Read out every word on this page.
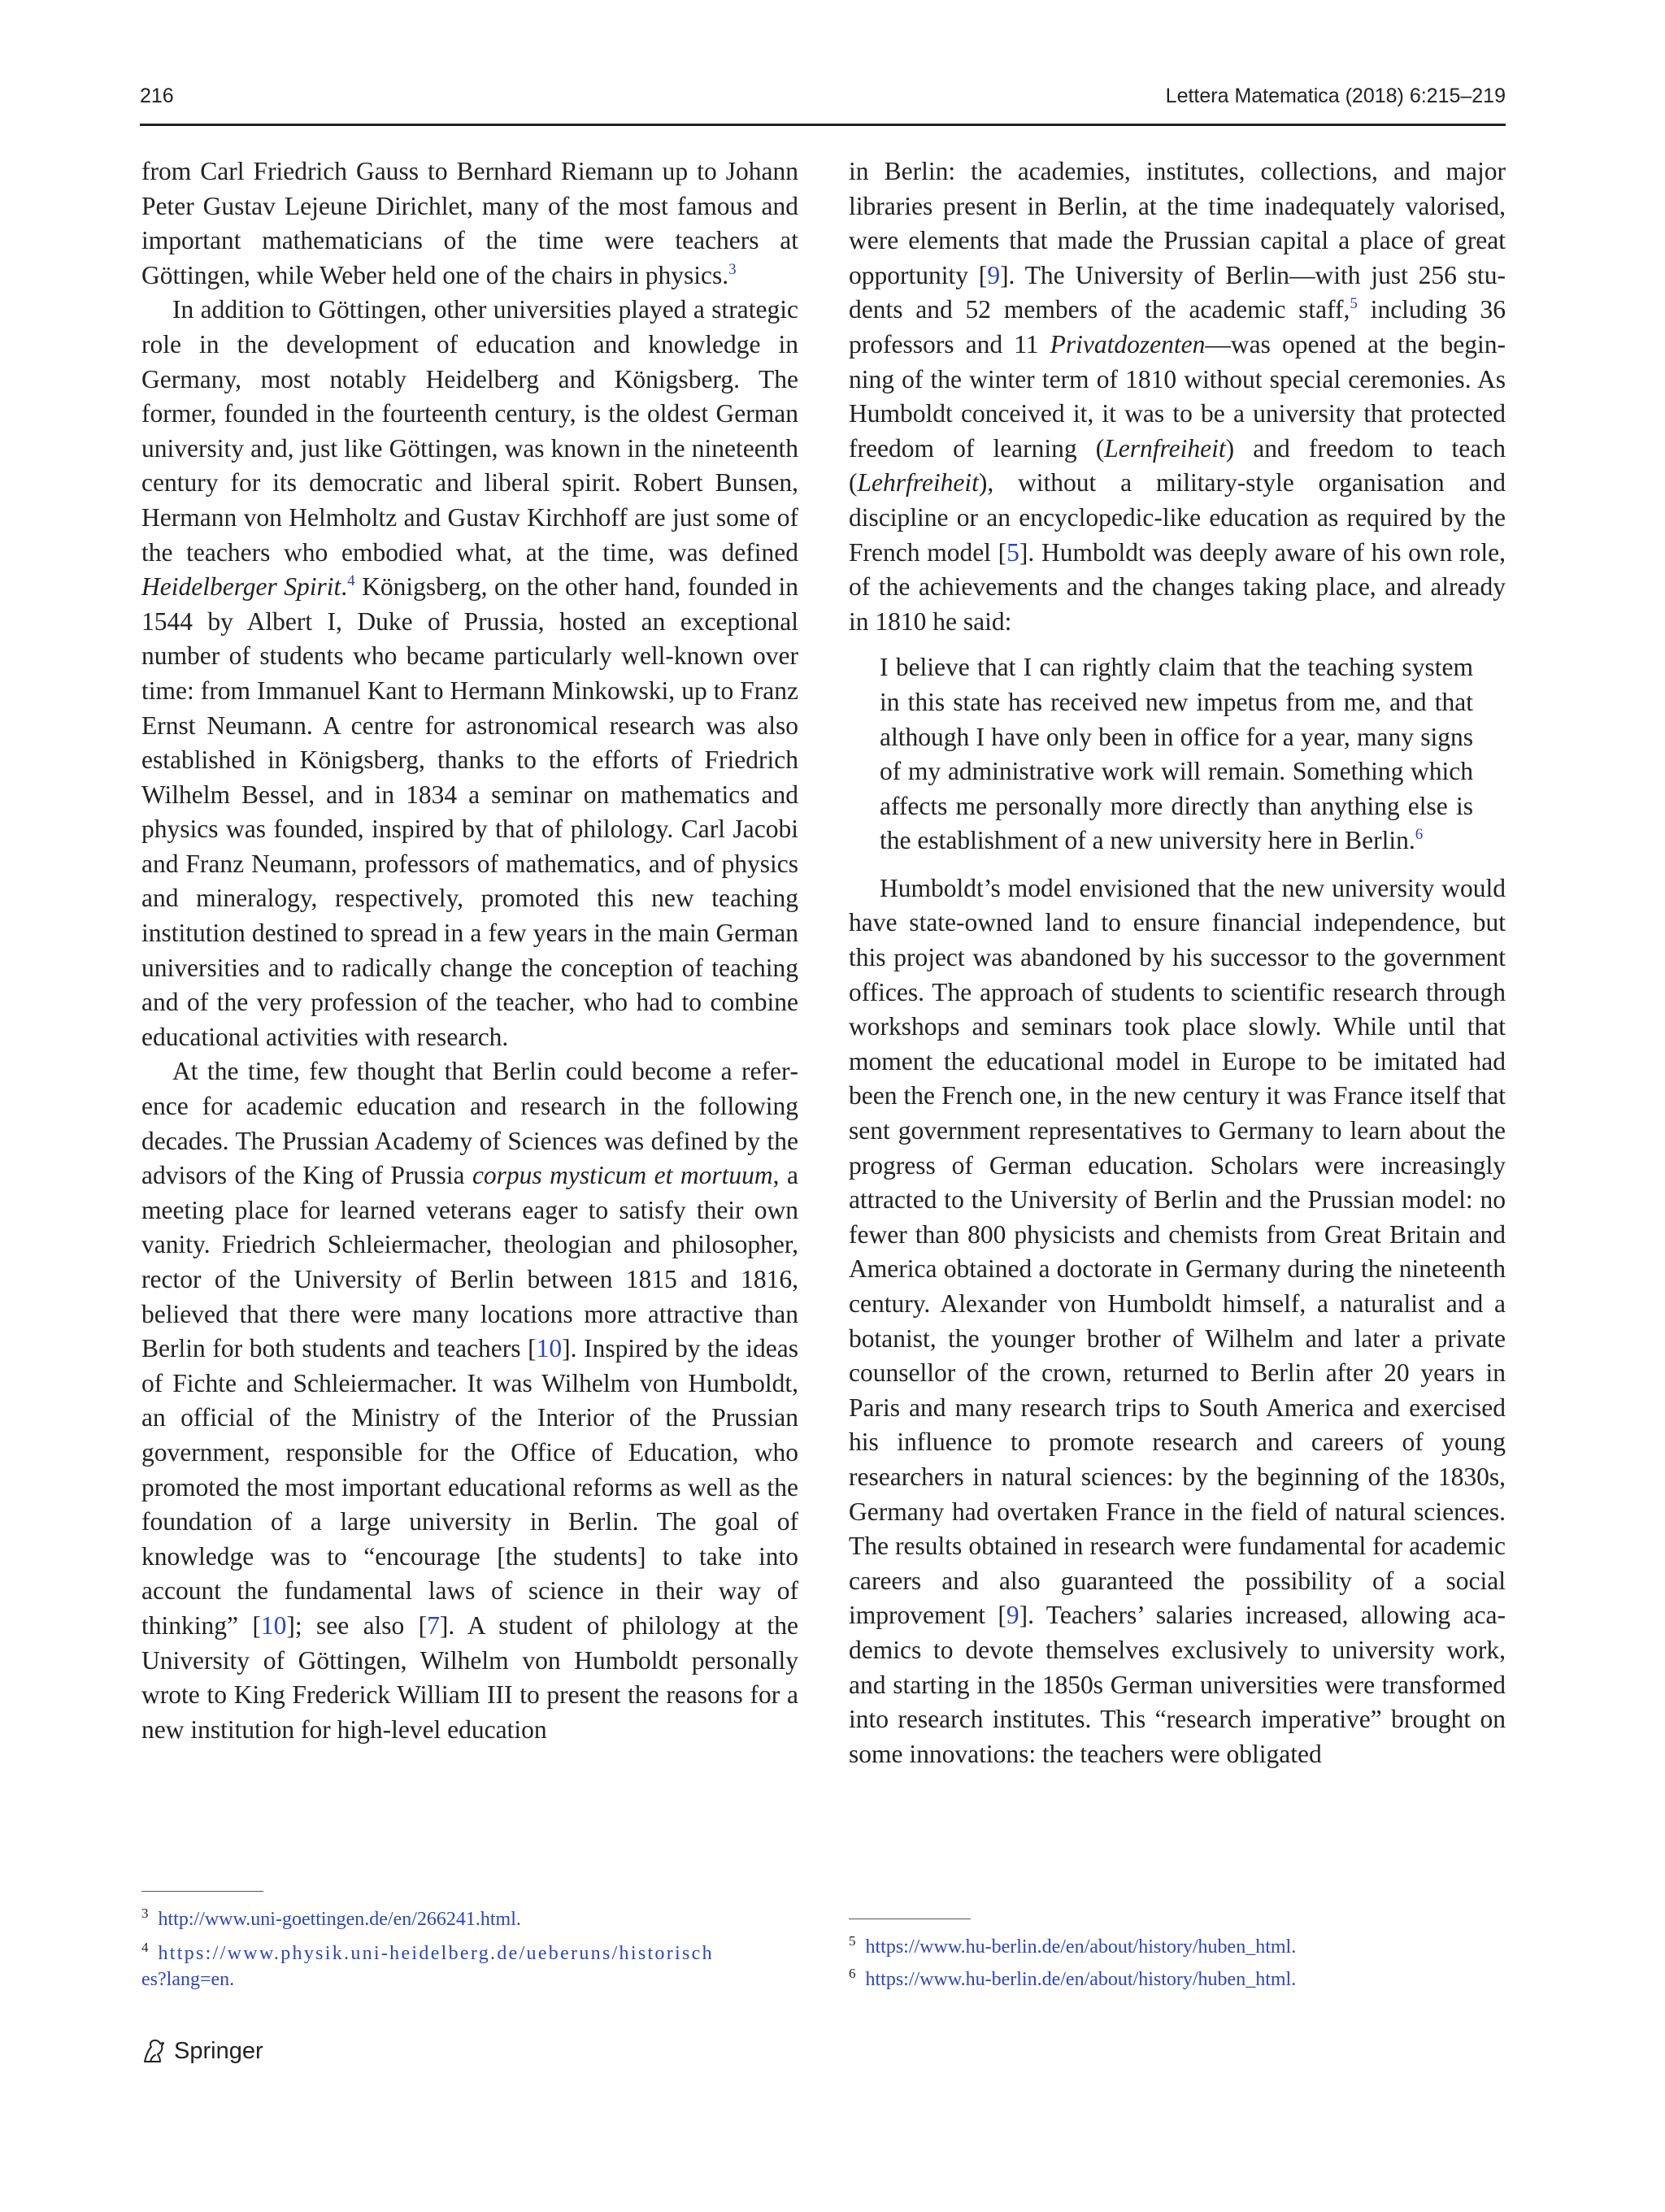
216	Lettera Matematica (2018) 6:215–219

from Carl Friedrich Gauss to Bernhard Riemann up to Johann Peter Gustav Lejeune Dirichlet, many of the most famous and important mathematicians of the time were teachers at Göttingen, while Weber held one of the chairs in physics.$^3$

In addition to Göttingen, other universities played a strategic role in the development of education and knowledge in Germany, most notably Heidelberg and Königsberg. The former, founded in the fourteenth century, is the oldest German university and, just like Göttingen, was known in the nineteenth century for its democratic and liberal spirit. Robert Bunsen, Hermann von Helmholtz and Gustav Kirchhoff are just some of the teachers who embodied what, at the time, was defined Heidelberger Spirit.$^4$ Königsberg, on the other hand, founded in 1544 by Albert I, Duke of Prussia, hosted an exceptional number of students who became particularly well-known over time: from Immanuel Kant to Hermann Minkowski, up to Franz Ernst Neumann. A centre for astronomical research was also established in Königsberg, thanks to the efforts of Friedrich Wilhelm Bessel, and in 1834 a seminar on mathematics and physics was founded, inspired by that of philology. Carl Jacobi and Franz Neumann, professors of mathematics, and of physics and mineralogy, respectively, promoted this new teaching institution destined to spread in a few years in the main German universities and to radically change the conception of teaching and of the very profession of the teacher, who had to combine educational activities with research.

At the time, few thought that Berlin could become a reference for academic education and research in the following decades. The Prussian Academy of Sciences was defined by the advisors of the King of Prussia corpus mysticum et mortuum, a meeting place for learned veterans eager to satisfy their own vanity. Friedrich Schleiermacher, theologian and philosopher, rector of the University of Berlin between 1815 and 1816, believed that there were many locations more attractive than Berlin for both students and teachers [10]. Inspired by the ideas of Fichte and Schleiermacher. It was Wilhelm von Humboldt, an official of the Ministry of the Interior of the Prussian government, responsible for the Office of Education, who promoted the most important educational reforms as well as the foundation of a large university in Berlin. The goal of knowledge was to “encourage [the students] to take into account the fundamental laws of science in their way of thinking” [10]; see also [7]. A student of philology at the University of Göttingen, Wilhelm von Humboldt personally wrote to King Frederick William III to present the reasons for a new institution for high-level education

in Berlin: the academies, institutes, collections, and major libraries present in Berlin, at the time inadequately valorised, were elements that made the Prussian capital a place of great opportunity [9]. The University of Berlin—with just 256 students and 52 members of the academic staff,$^5$ including 36 professors and 11 Privatdozenten—was opened at the beginning of the winter term of 1810 without special ceremonies. As Humboldt conceived it, it was to be a university that protected freedom of learning (Lernfreiheit) and freedom to teach (Lehrfreiheit), without a military-style organisation and discipline or an encyclopedic-like education as required by the French model [5]. Humboldt was deeply aware of his own role, of the achievements and the changes taking place, and already in 1810 he said:

I believe that I can rightly claim that the teaching system in this state has received new impetus from me, and that although I have only been in office for a year, many signs of my administrative work will remain. Something which affects me personally more directly than anything else is the establishment of a new university here in Berlin.$^6$

Humboldt’s model envisioned that the new university would have state-owned land to ensure financial independence, but this project was abandoned by his successor to the government offices. The approach of students to scientific research through workshops and seminars took place slowly. While until that moment the educational model in Europe to be imitated had been the French one, in the new century it was France itself that sent government representatives to Germany to learn about the progress of German education. Scholars were increasingly attracted to the University of Berlin and the Prussian model: no fewer than 800 physicists and chemists from Great Britain and America obtained a doctorate in Germany during the nineteenth century. Alexander von Humboldt himself, a naturalist and a botanist, the younger brother of Wilhelm and later a private counsellor of the crown, returned to Berlin after 20 years in Paris and many research trips to South America and exercised his influence to promote research and careers of young researchers in natural sciences: by the beginning of the 1830s, Germany had overtaken France in the field of natural sciences. The results obtained in research were fundamental for academic careers and also guaranteed the possibility of a social improvement [9]. Teachers’ salaries increased, allowing academics to devote themselves exclusively to university work, and starting in the 1850s German universities were transformed into research institutes. This “research imperative” brought on some innovations: the teachers were obligated

$^3$ http://www.uni-goettingen.de/en/266241.html.
$^4$ https://www.physik.uni-heidelberg.de/ueberuns/historisch
es?lang=en.
$^5$ https://www.hu-berlin.de/en/about/history/huben_html.
$^6$ https://www.hu-berlin.de/en/about/history/huben_html.
Springer
